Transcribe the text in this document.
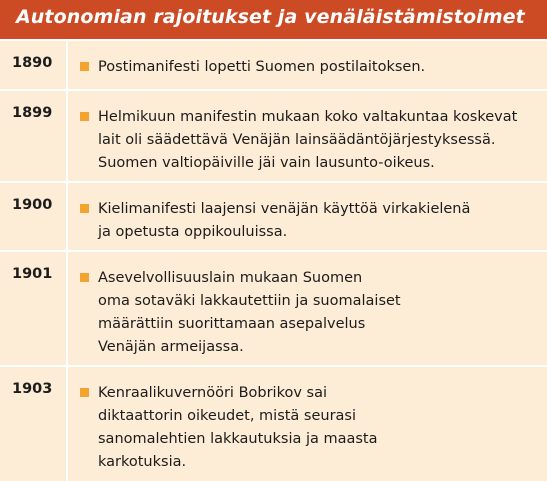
Autonomian rajoitukset ja venäläistämistoimet
1890	Postimanifesti lopetti Suomen postilaitoksen.
1899	Helmikuun manifestin mukaan koko valtakuntaa koskevat
lait oli säädettävä Venäjän lainsäädäntöjärjestyksessä.
Suomen valtiopäiville jäi vain lausunto-oikeus.
1900	Kielimanifesti laajensi venäjän käyttöä virkakielenä
ja opetusta oppikouluissa.
1901	Asevelvollisuuslain mukaan Suomen
oma sotaväki lakkautettiin ja suomalaiset
määrättiin suorittamaan asepalvelus
Venäjän armeijassa.
1903	Kenraalikuvernööri Bobrikov sai
diktaattorin oikeudet, mistä seurasi
sanomalehtien lakkautuksia ja maasta
karkotuksia.
